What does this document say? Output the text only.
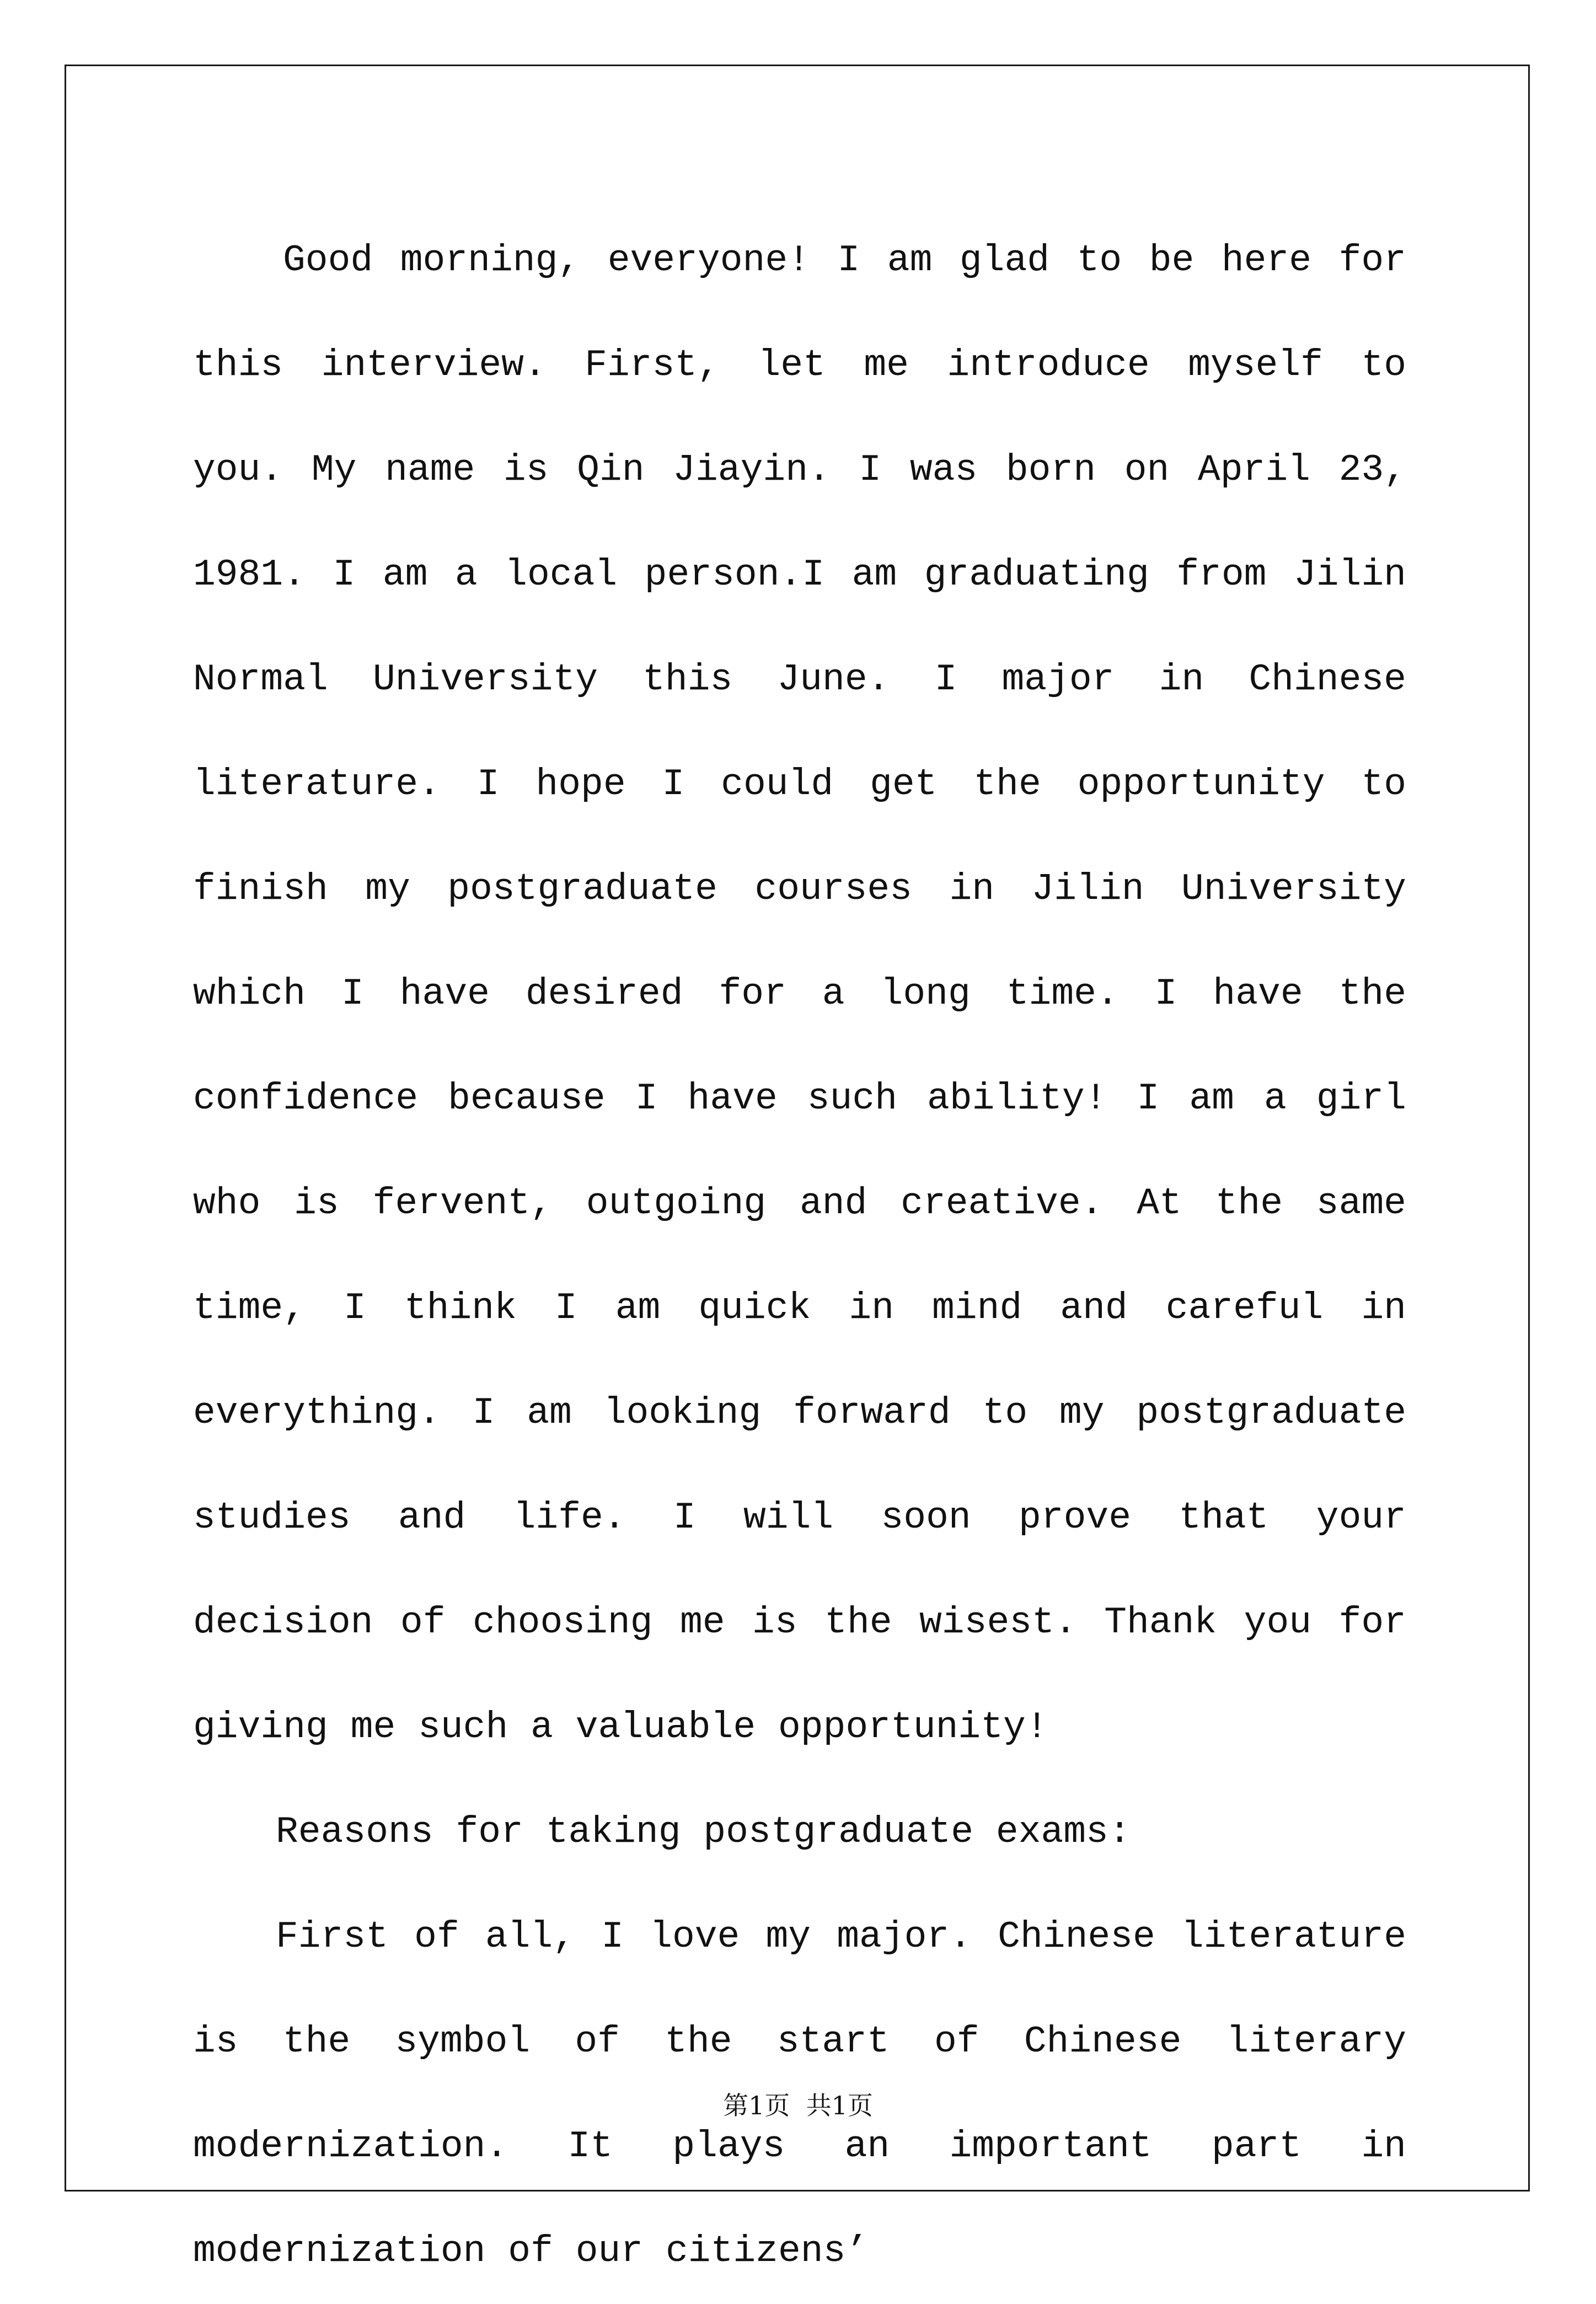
Good morning, everyone! I am glad to be here for this interview. First, let me introduce myself to you. My name is Qin Jiayin. I was born on April 23, 1981. I am a local person.I am graduating from Jilin Normal University this June. I major in Chinese literature. I hope I could get the opportunity to finish my postgraduate courses in Jilin University which I have desired for a long time. I have the confidence because I have such ability! I am a girl who is fervent, outgoing and creative. At the same time, I think I am quick in mind and careful in everything. I am looking forward to my postgraduate studies and life. I will soon prove that your decision of choosing me is the wisest. Thank you for giving me such a valuable opportunity!

Reasons for taking postgraduate exams:

First of all, I love my major. Chinese literature is the symbol of the start of Chinese literary modernization. It plays an important part in modernization of our citizens’

第1页  共1页
